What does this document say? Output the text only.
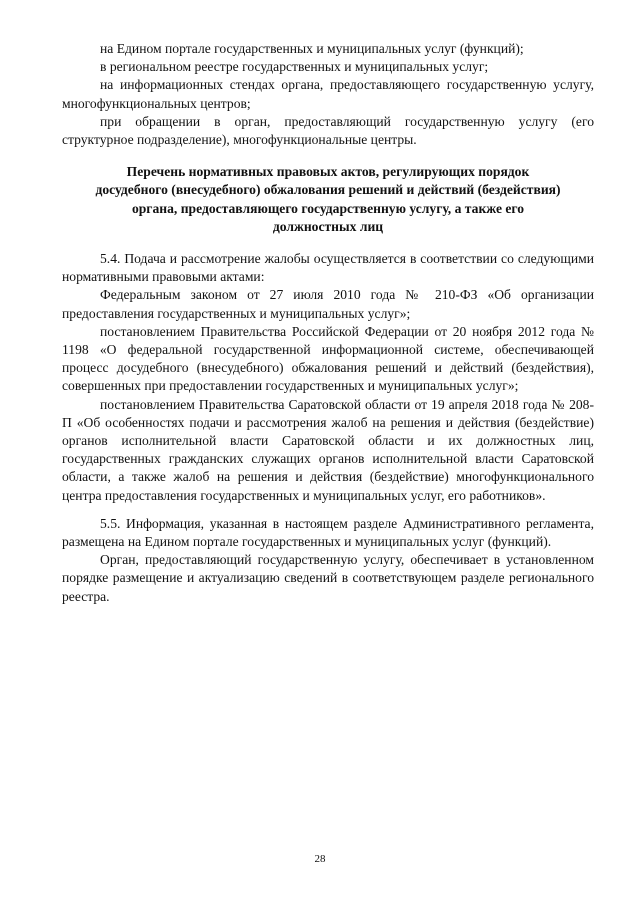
на Едином портале государственных и муниципальных услуг (функций);

в региональном реестре государственных и муниципальных услуг;

на информационных стендах органа, предоставляющего государственную услугу, многофункциональных центров;

при обращении в орган, предоставляющий государственную услугу (его структурное подразделение), многофункциональные центры.

Перечень нормативных правовых актов, регулирующих порядок
досудебного (внесудебного) обжалования решений и действий (бездействия)
органа, предоставляющего государственную услугу, а также его
должностных лиц

5.4. Подача и рассмотрение жалобы осуществляется в соответствии со следующими нормативными правовыми актами:

Федеральным законом от 27 июля 2010 года № 210-ФЗ «Об организации предоставления государственных и муниципальных услуг»;

постановлением Правительства Российской Федерации от 20 ноября 2012 года № 1198 «О федеральной государственной информационной системе, обеспечивающей процесс досудебного (внесудебного) обжалования решений и действий (бездействия), совершенных при предоставлении государственных и муниципальных услуг»;

постановлением Правительства Саратовской области от 19 апреля 2018 года № 208-П «Об особенностях подачи и рассмотрения жалоб на решения и действия (бездействие) органов исполнительной власти Саратовской области и их должностных лиц, государственных гражданских служащих органов исполнительной власти Саратовской области, а также жалоб на решения и действия (бездействие) многофункционального центра предоставления государственных и муниципальных услуг, его работников».

5.5. Информация, указанная в настоящем разделе Административного регламента, размещена на Едином портале государственных и муниципальных услуг (функций).

Орган, предоставляющий государственную услугу, обеспечивает в установленном порядке размещение и актуализацию сведений в соответствующем разделе регионального реестра.

28
